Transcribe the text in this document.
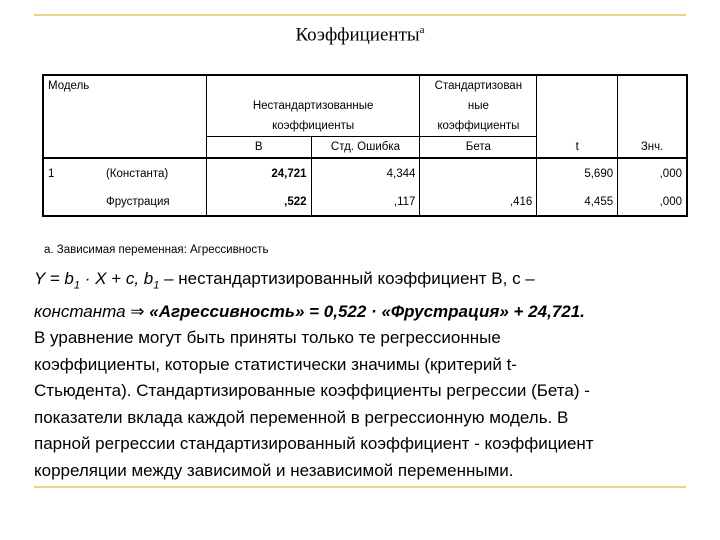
Коэффициенты$^a$
Модель				Стандартизован		
		Нестандартизованные		ные		
		коэффициенты		коэффициенты		
		B	Стд. Ошибка	Бета	t	Знч.
1	(Константа)	24,721	4,344		5,690	,000
	Фрустрация	,522	,117	,416	4,455	,000
a. Зависимая переменная: Агрессивность

$Y = b_1 \cdot X + c$, $b_1$ – нестандартизированный коэффициент B, с –

константа ⇒ «Агрессивность» = 0,522 · «Фрустрация» + 24,721.

В уравнение могут быть приняты только те регрессионные

коэффициенты, которые статистически значимы (критерий t-

Стьюдента). Стандартизированные коэффициенты регрессии (Бета) -

показатели вклада каждой переменной в регрессионную модель. В

парной регрессии стандартизированный коэффициент - коэффициент

корреляции между зависимой и независимой переменными.
